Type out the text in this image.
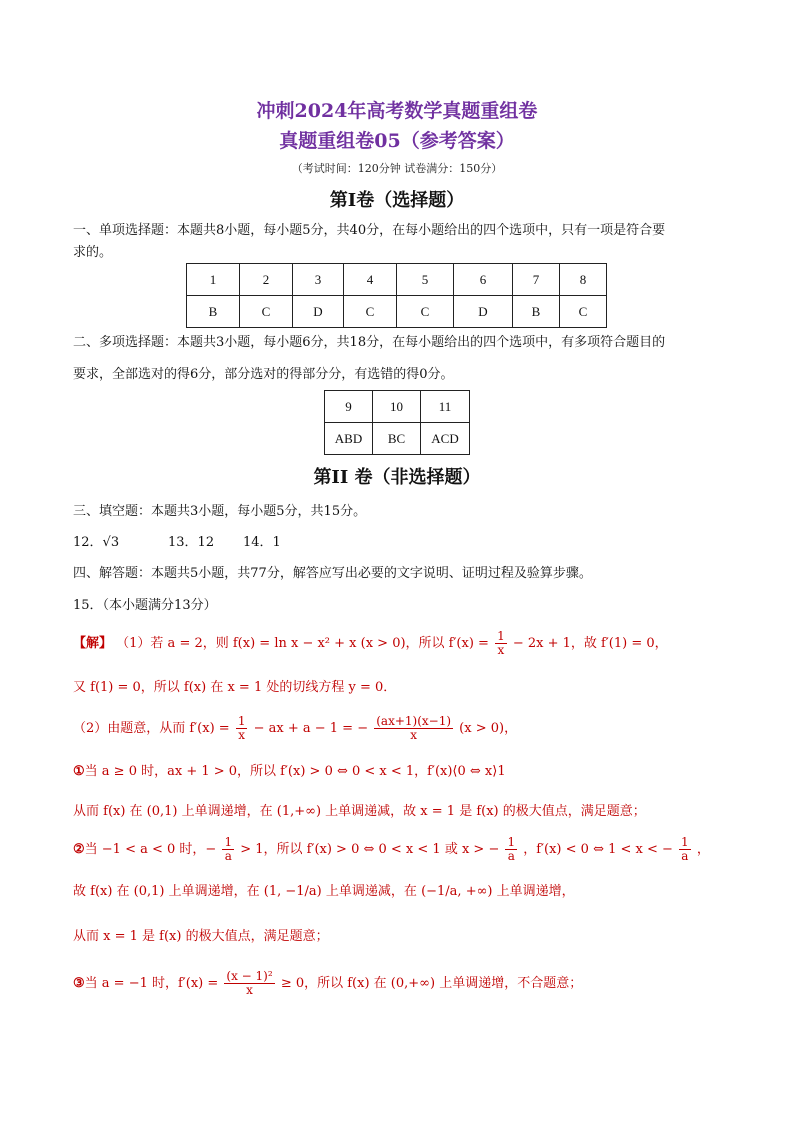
冲刺2024年高考数学真题重组卷
真题重组卷05（参考答案）
（考试时间：120分钟 试卷满分：150分）
第I卷（选择题）
一、单项选择题：本题共8小题，每小题5分，共40分，在每小题给出的四个选项中，只有一项是符合要
求的。
1	2	3	4	5	6	7	8
B	C	D	C	C	D	B	C
二、多项选择题：本题共3小题，每小题6分，共18分，在每小题给出的四个选项中，有多项符合题目的
要求，全部选对的得6分，部分选对的得部分分，有选错的得0分。
9	10	11
ABD	BC	ACD
第II 卷（非选择题）
三、填空题：本题共3小题，每小题5分，共15分。
12．√3	13．12 14．1
四、解答题：本题共5小题，共77分，解答应写出必要的文字说明、证明过程及验算步骤。
15．（本小题满分13分）
【解】 （1）若 a = 2，则 f(x) = ln x − x² + x (x > 0)，所以 $f'(x) = \frac{1}{x} - 2x + 1$，故 f′(1) = 0，
又 f(1) = 0，所以 f(x) 在 x = 1 处的切线方程 y = 0．
（2）由题意，从而 $f'(x) = \frac{1}{x}$ − ax + a − 1 = − $\frac{(ax+1)(x-1)}{x} (x > 0)$，
①当 a ≥ 0 时，ax + 1 > 0，所以 f′(x) > 0 ⇔ 0 < x < 1，f′(x)⟨0 ⇔ x⟩1
从而 f(x) 在 (0,1) 上单调递增，在 (1,+∞) 上单调递减，故 x = 1 是 f(x) 的极大值点，满足题意；
②当 −1 < a < 0 时，− $\frac{1}{a} > 1$，所以 f′(x) > 0 ⇔ 0 < x < 1 或 x > − $\frac{1}{a}$ ，f′(x) < 0 ⇔ 1 < x < − $\frac{1}{a}$ ，
故 f(x) 在 (0,1) 上单调递增，在 (1, −1/a) 上单调递减，在 (−1/a, +∞) 上单调递增，
从而 x = 1 是 f(x) 的极大值点，满足题意；
③当 a = −1 时，$f'(x) = \frac{\text{(x − 1)²}}{x} \ge 0$，所以 f(x) 在 (0,+∞) 上单调递增，不合题意；
